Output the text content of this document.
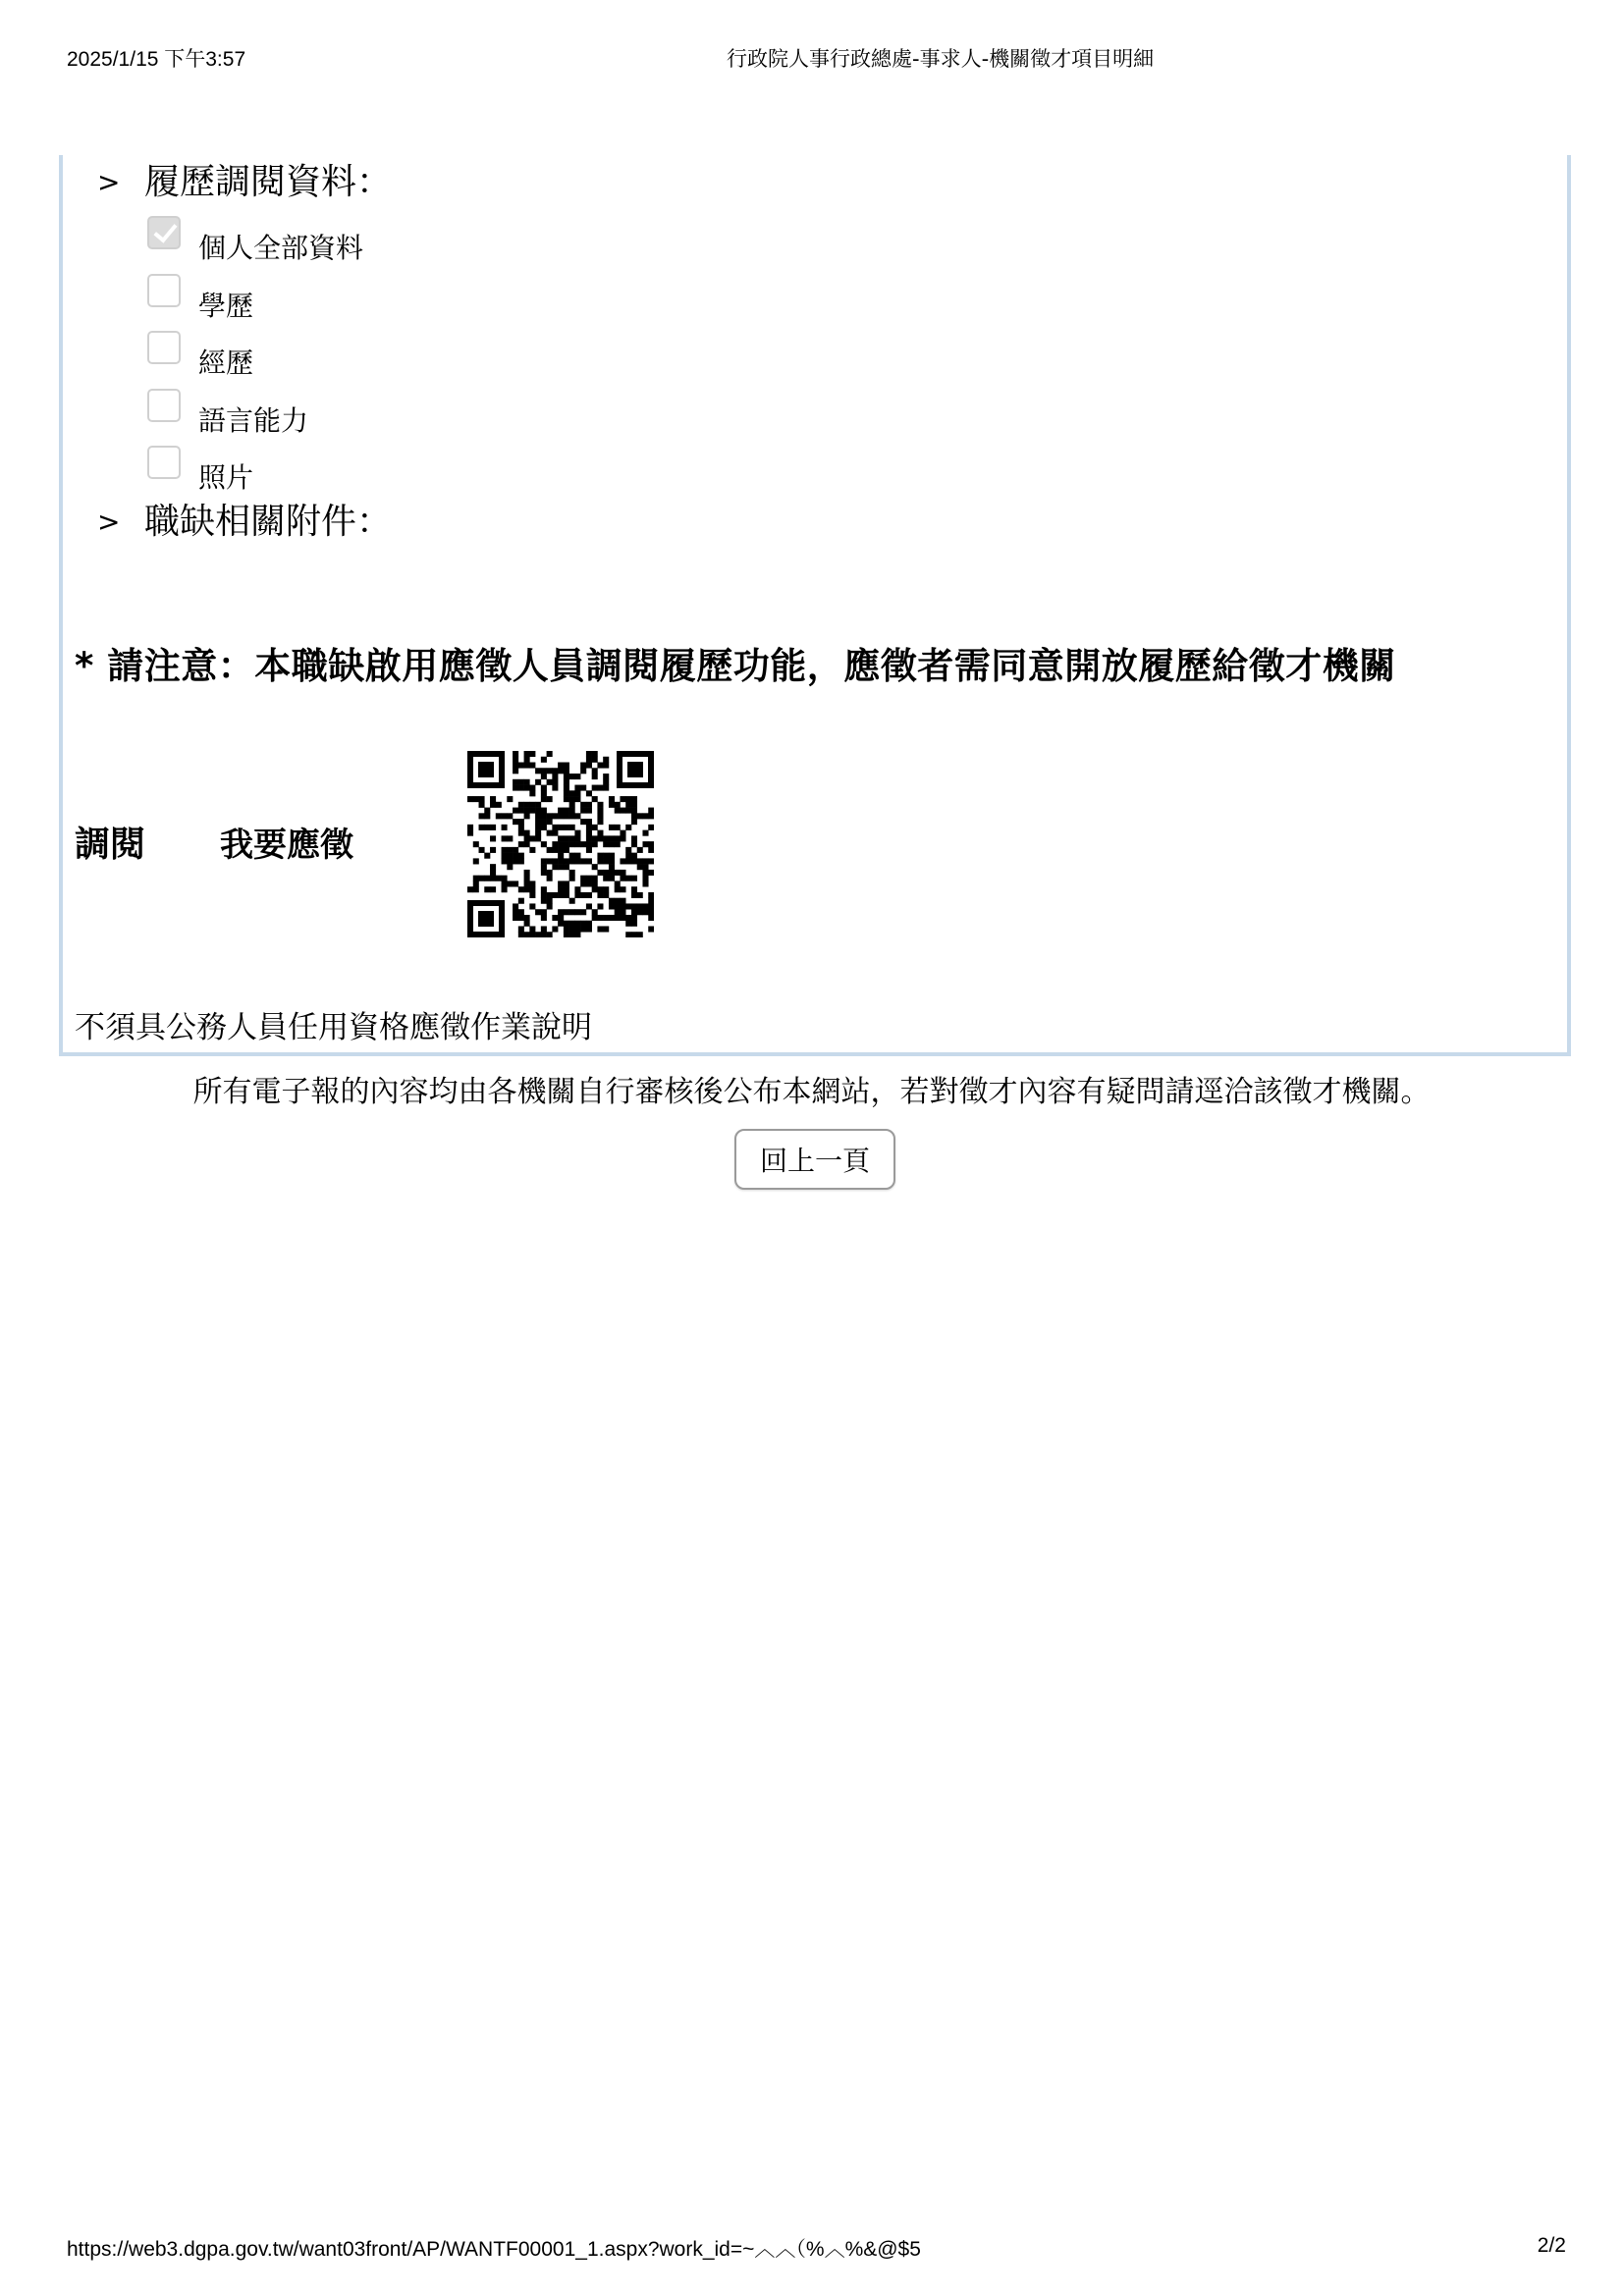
2025/1/15 下午3:57	行政院人事行政總處-事求人-機關徵才項目明細
> 履歷調閱資料：
個人全部資料
學歷
經歷
語言能力
照片
> 職缺相關附件：
* 請注意：本職缺啟用應徵人員調閱履歷功能，應徵者需同意開放履歷給徵才機關
調閱 我要應徵
不須具公務人員任用資格應徵作業說明
所有電子報的內容均由各機關自行審核後公布本網站，若對徵才內容有疑問請逕洽該徵才機關。
回上一頁
https://web3.dgpa.gov.tw/want03front/AP/WANTF00001_1.aspx?work_id=~︿︿（%︿%&@$5	2/2
